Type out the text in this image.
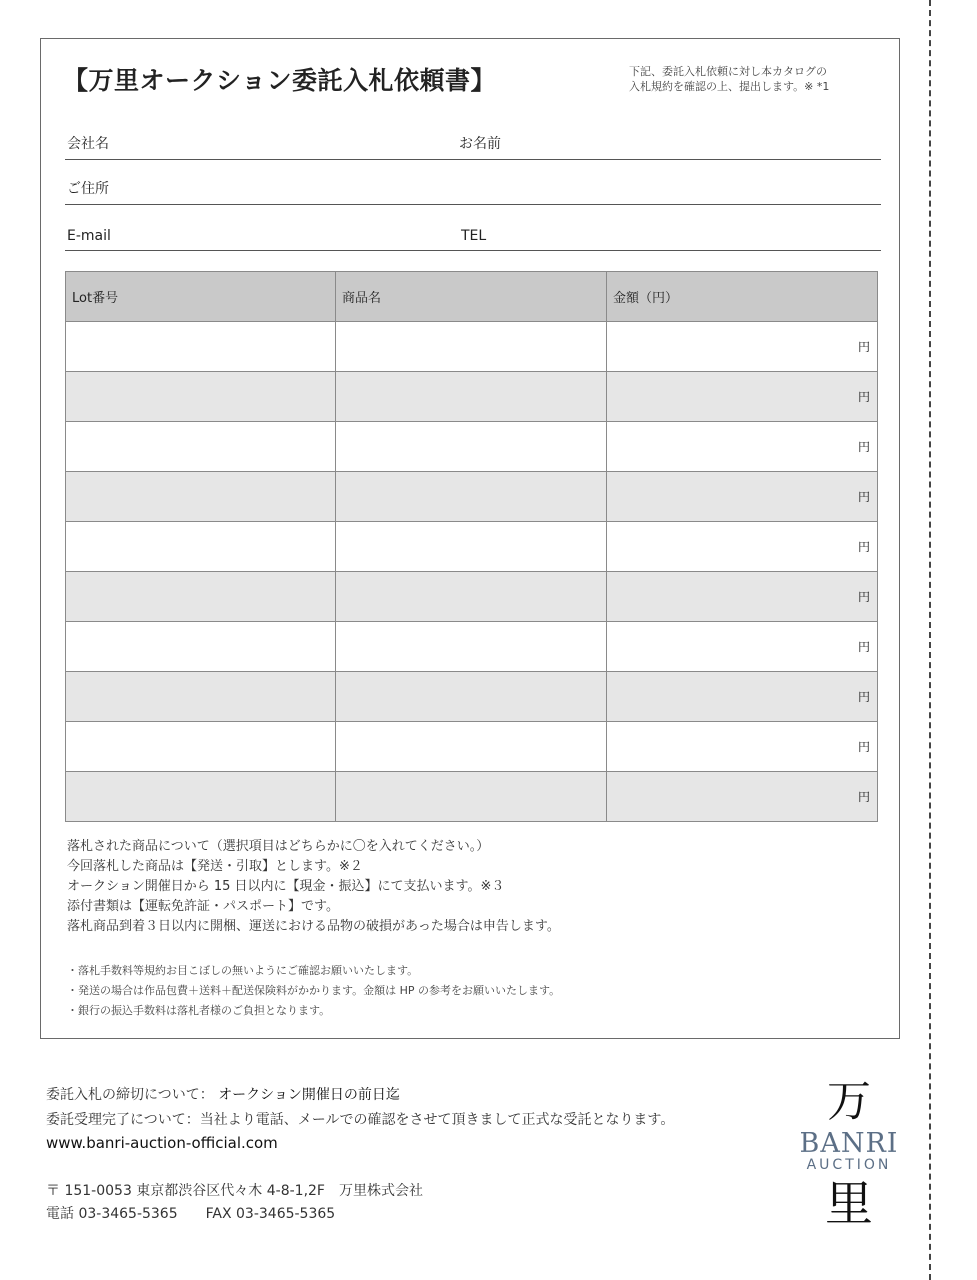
【万里オークション委託入札依頼書】	下記、委託入札依頼に対し本カタログの
入札規約を確認の上、提出します。※ *1
会社名	お名前
ご住所
E-mail	TEL
Lot番号	商品名	金額（円）
		円
		円
		円
		円
		円
		円
		円
		円
		円
		円
落札された商品について（選択項目はどちらかに〇を入れてください。）
今回落札した商品は【発送・引取】とします。※２
オークション開催日から 15 日以内に【現金・振込】にて支払います。※３
添付書類は【運転免許証・パスポート】です。
落札商品到着３日以内に開梱、運送における品物の破損があった場合は申告します。
・落札手数料等規約お目こぼしの無いようにご確認お願いいたします。
・発送の場合は作品包費＋送料＋配送保険料がかかります。金額は HP の参考をお願いいたします。
・銀行の振込手数料は落札者様のご負担となります。
委託入札の締切について： オークション開催日の前日迄
委託受理完了について：当社より電話、メールでの確認をさせて頂きまして正式な受託となります。
www.banri-auction-official.com
〒 151-0053 東京都渋谷区代々木 4-8-1,2F　万里株式会社
電話 03-3465-5365　　FAX 03-3465-5365
万
BANRI
AUCTION
里
